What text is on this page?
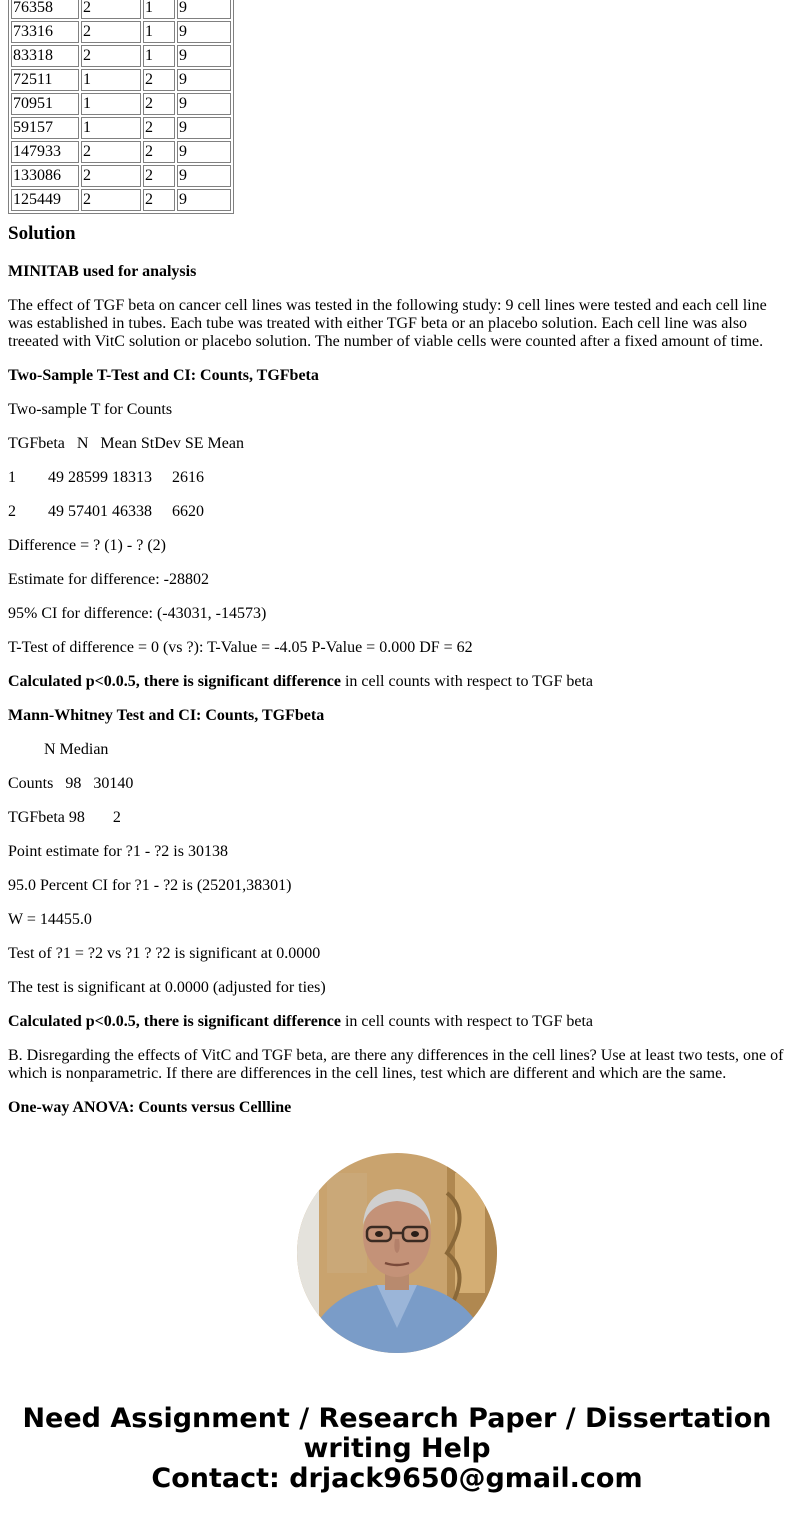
76358	2	1	9
73316	2	1	9
83318	2	1	9
72511	1	2	9
70951	1	2	9
59157	1	2	9
147933	2	2	9
133086	2	2	9
125449	2	2	9
Solution

MINITAB used for analysis

The effect of TGF beta on cancer cell lines was tested in the following study: 9 cell lines were tested and each cell line was established in tubes. Each tube was treated with either TGF beta or an placebo solution. Each cell line was also treeated with VitC solution or placebo solution. The number of viable cells were counted after a fixed amount of time.

Two-Sample T-Test and CI: Counts, TGFbeta

Two-sample T for Counts

TGFbeta   N   Mean StDev SE Mean

1        49 28599 18313     2616

2        49 57401 46338     6620

Difference = ? (1) - ? (2)

Estimate for difference: -28802

95% CI for difference: (-43031, -14573)

T-Test of difference = 0 (vs ?): T-Value = -4.05 P-Value = 0.000 DF = 62

Calculated p<0.0.5, there is significant difference in cell counts with respect to TGF beta

Mann-Whitney Test and CI: Counts, TGFbeta

N Median

Counts   98   30140

TGFbeta 98       2

Point estimate for ?1 - ?2 is 30138

95.0 Percent CI for ?1 - ?2 is (25201,38301)

W = 14455.0

Test of ?1 = ?2 vs ?1 ? ?2 is significant at 0.0000

The test is significant at 0.0000 (adjusted for ties)

Calculated p<0.0.5, there is significant difference in cell counts with respect to TGF beta

B. Disregarding the effects of VitC and TGF beta, are there any differences in the cell lines? Use at least two tests, one of which is nonparametric. If there are differences in the cell lines, test which are different and which are the same.

One-way ANOVA: Counts versus Cellline

Need Assignment / Research Paper / Dissertation
writing Help
Contact: drjack9650@gmail.com
